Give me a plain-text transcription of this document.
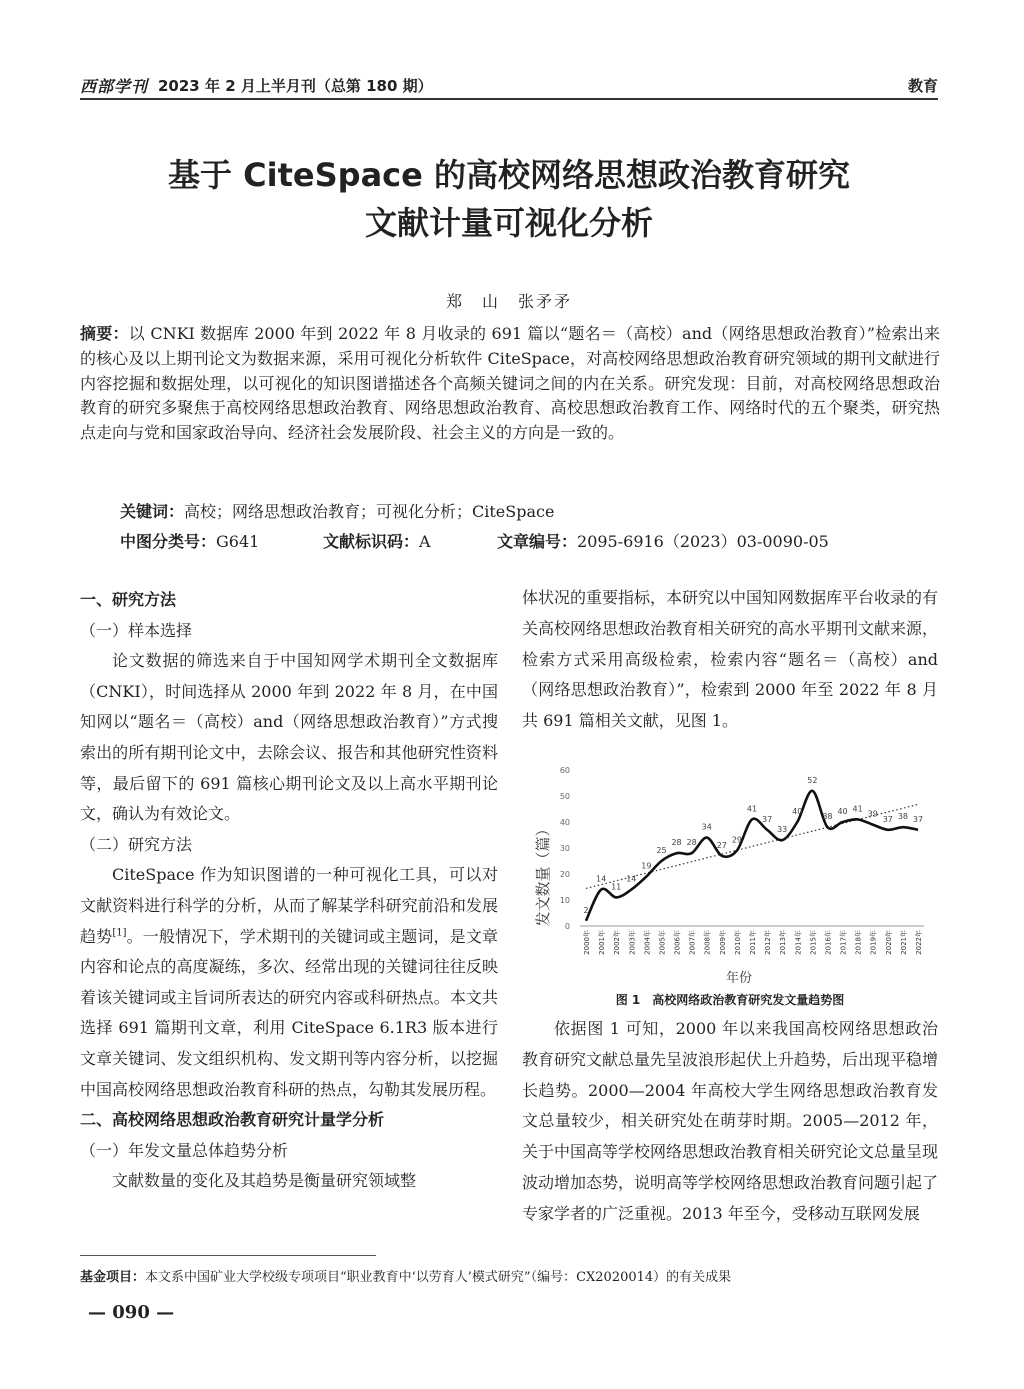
西部学刊 2023 年 2 月上半月刊（总第 180 期）	教育
基于 CiteSpace 的高校网络思想政治教育研究
文献计量可视化分析
郑　山　张矛矛
摘要：以 CNKI 数据库 2000 年到 2022 年 8 月收录的 691 篇以“题名＝（高校）and（网络思想政治教育）”检索出来的核心及以上期刊论文为数据来源，采用可视化分析软件 CiteSpace，对高校网络思想政治教育研究领域的期刊文献进行内容挖掘和数据处理，以可视化的知识图谱描述各个高频关键词之间的内在关系。研究发现：目前，对高校网络思想政治教育的研究多聚焦于高校网络思想政治教育、网络思想政治教育、高校思想政治教育工作、网络时代的五个聚类，研究热点走向与党和国家政治导向、经济社会发展阶段、社会主义的方向是一致的。
关键词：高校；网络思想政治教育；可视化分析；CiteSpace
中图分类号：G641	文献标识码：A	文章编号：2095-6916（2023）03-0090-05

一、研究方法

（一）样本选择

论文数据的筛选来自于中国知网学术期刊全文数据库（CNKI），时间选择从 2000 年到 2022 年 8 月，在中国知网以“题名＝（高校）and（网络思想政治教育）”方式搜索出的所有期刊论文中，去除会议、报告和其他研究性资料等，最后留下的 691 篇核心期刊论文及以上高水平期刊论文，确认为有效论文。

（二）研究方法

CiteSpace 作为知识图谱的一种可视化工具，可以对文献资料进行科学的分析，从而了解某学科研究前沿和发展趋势[1]。一般情况下，学术期刊的关键词或主题词，是文章内容和论点的高度凝练，多次、经常出现的关键词往往反映着该关键词或主旨词所表达的研究内容或科研热点。本文共选择 691 篇期刊文章，利用 CiteSpace 6.1R3 版本进行文章关键词、发文组织机构、发文期刊等内容分析，以挖掘中国高校网络思想政治教育科研的热点，勾勒其发展历程。

二、高校网络思想政治教育研究计量学分析

（一）年发文量总体趋势分析

文献数量的变化及其趋势是衡量研究领域整

体状况的重要指标，本研究以中国知网数据库平台收录的有关高校网络思想政治教育相关研究的高水平期刊文献来源，检索方式采用高级检索，检索内容“题名＝（高校）and（网络思想政治教育）”，检索到 2000 年至 2022 年 8 月共 691 篇相关文献，见图 1。

0
10
20
30
40
50
60
2000年 2001年 2002年 2003年 2004年 2005年 2006年 2007年 2008年 2009年 2010年 2011年 2012年 2013年 2014年 2015年 2016年 2017年 2018年 2019年 2020年 2021年 2022年
2
14
11
14
19
25
28 28
34
27
29
41
37
33
40
52
38
40 41
39
37 38 37
发文数量（篇）
年份
图 1　高校网络政治教育研究发文量趋势图

依据图 1 可知，2000 年以来我国高校网络思想政治教育研究文献总量先呈波浪形起伏上升趋势，后出现平稳增长趋势。2000—2004 年高校大学生网络思想政治教育发文总量较少，相关研究处在萌芽时期。2005—2012 年，关于中国高等学校网络思想政治教育相关研究论文总量呈现波动增加态势，说明高等学校网络思想政治教育问题引起了专家学者的广泛重视。2013 年至今，受移动互联网发展

基金项目：本文系中国矿业大学校级专项项目“职业教育中‘以劳育人’模式研究”（编号：CX2020014）的有关成果
— 090 —
